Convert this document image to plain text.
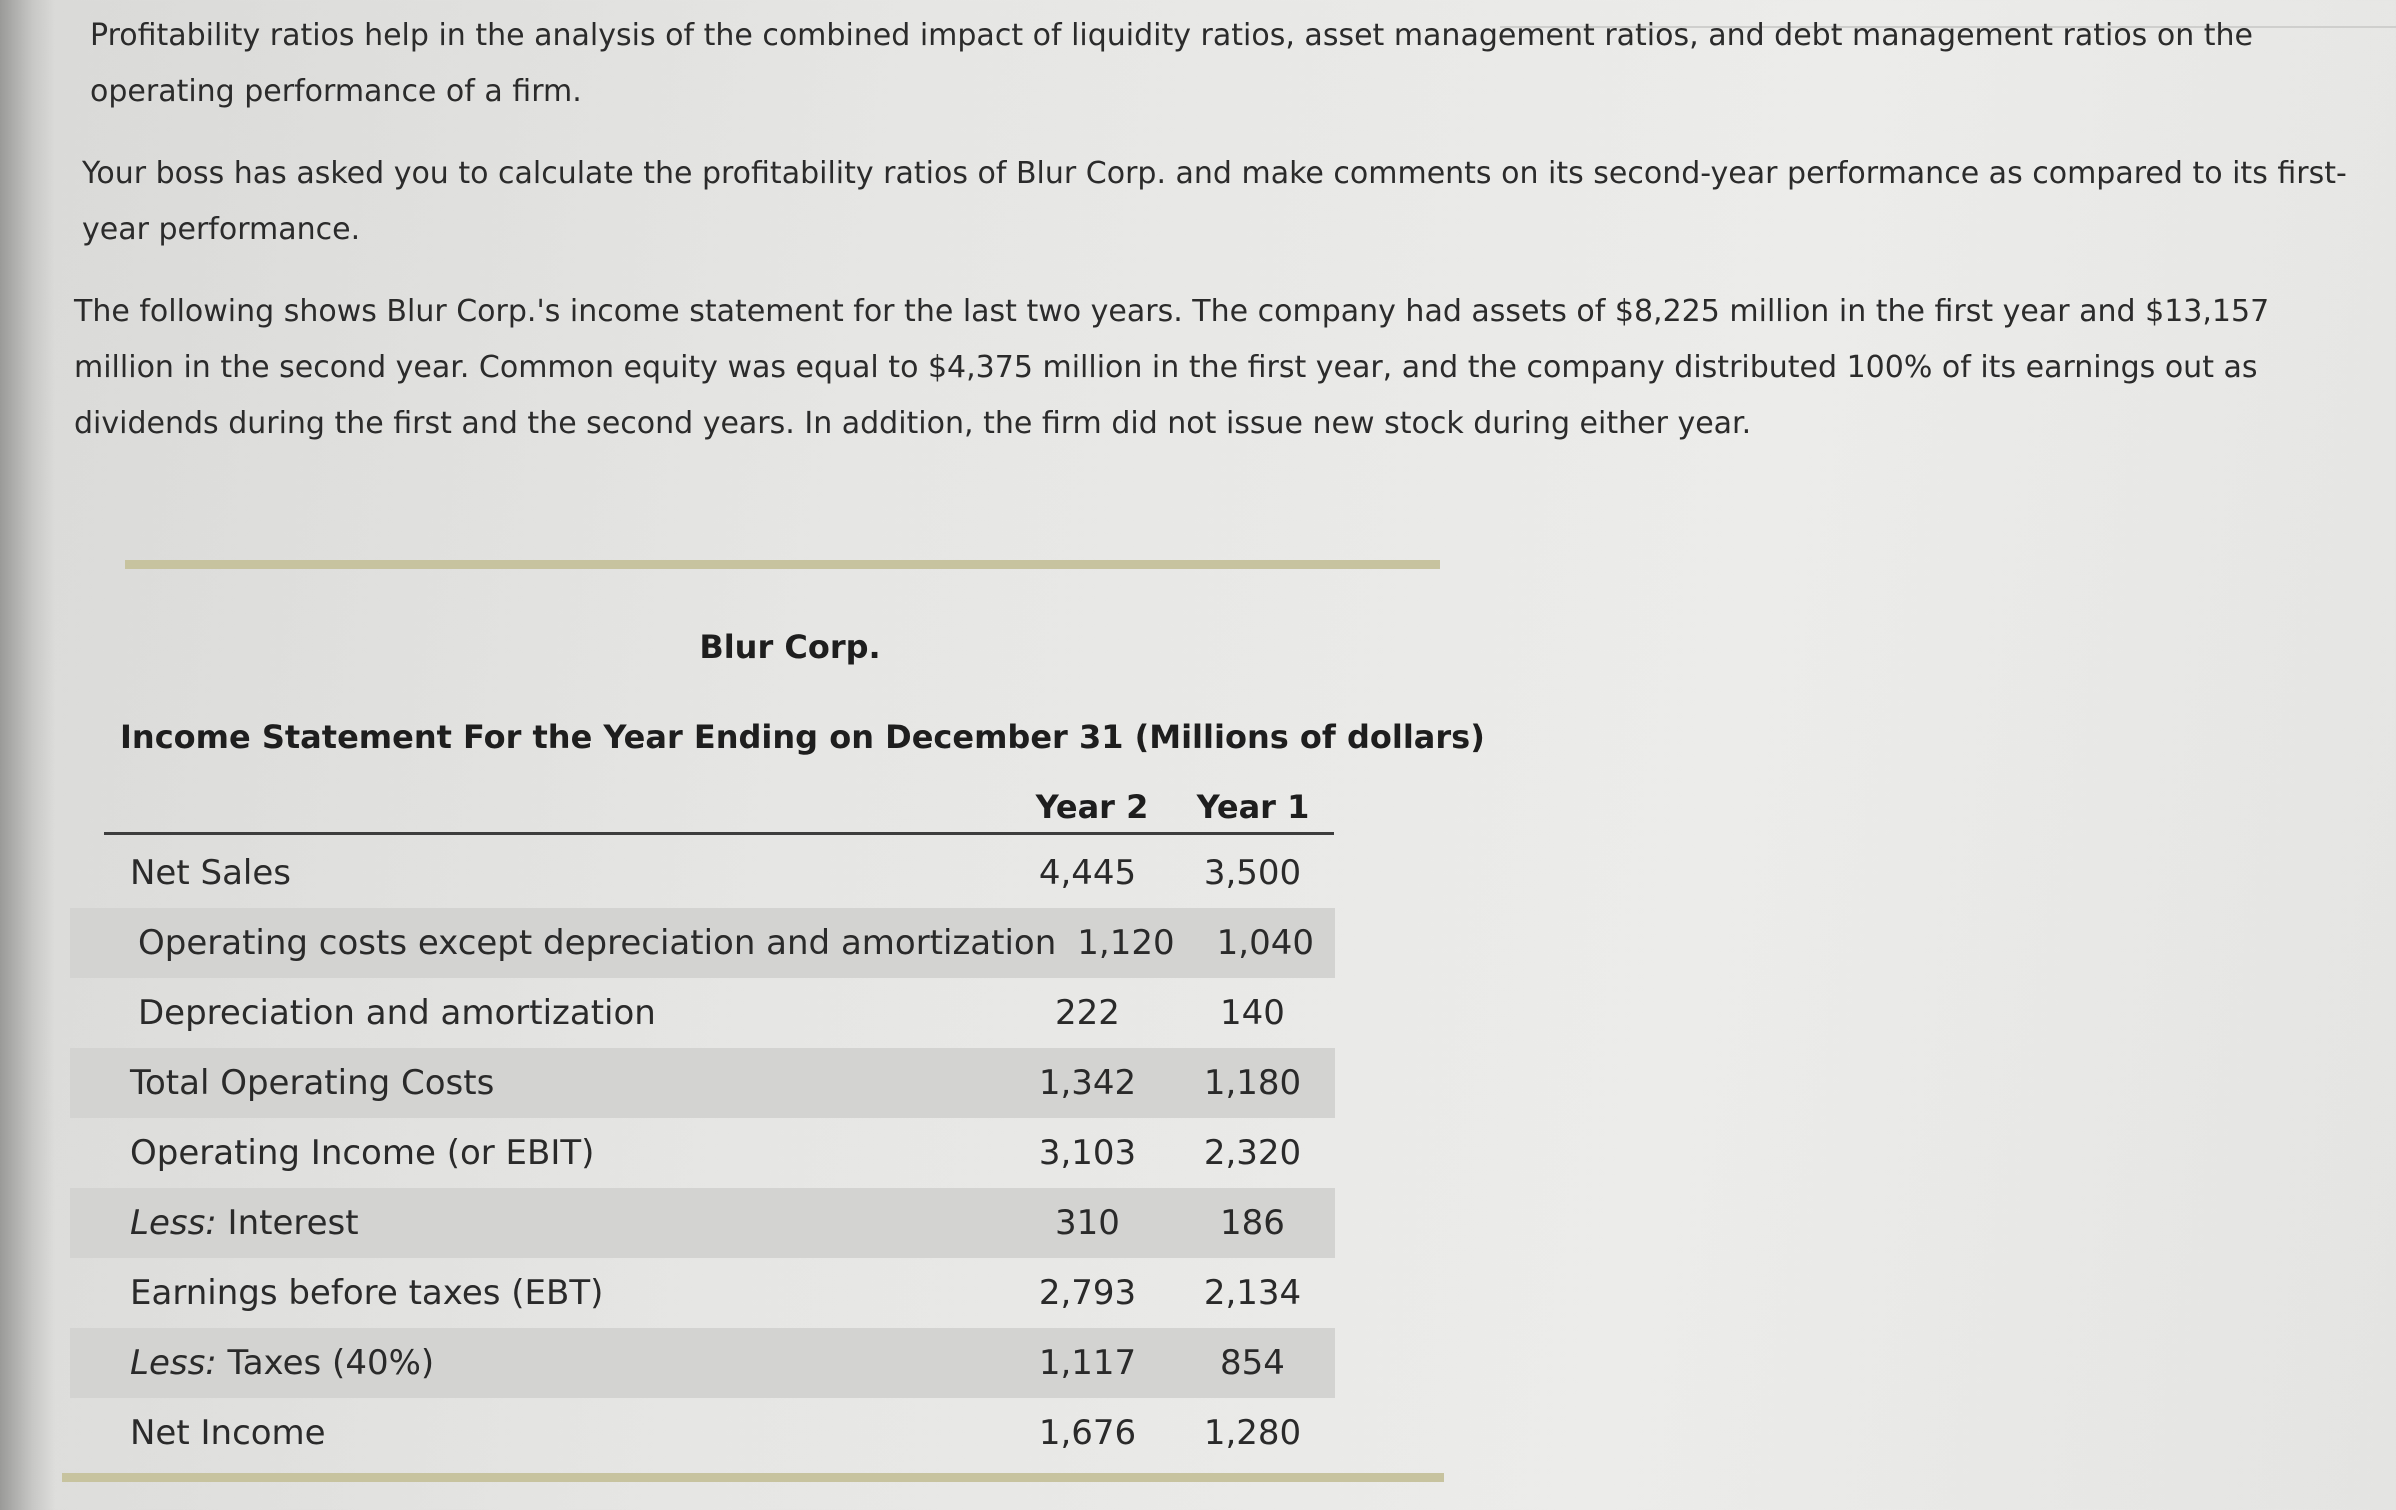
Profitability ratios help in the analysis of the combined impact of liquidity ratios, asset management ratios, and debt management ratios on the operating performance of a firm.

Your boss has asked you to calculate the profitability ratios of Blur Corp. and make comments on its second-year performance as compared to its first-year performance.

The following shows Blur Corp.'s income statement for the last two years. The company had assets of $8,225 million in the first year and $13,157 million in the second year. Common equity was equal to $4,375 million in the first year, and the company distributed 100% of its earnings out as dividends during the first and the second years. In addition, the firm did not issue new stock during either year.

Blur Corp.
Income Statement For the Year Ending on December 31 (Millions of dollars)
Year 2	Year 1
Net Sales	4,445	3,500
Operating costs except depreciation and amortization 1,120	1,040
Depreciation and amortization	222	140
Total Operating Costs	1,342	1,180
Operating Income (or EBIT)	3,103	2,320
Less: Interest	310	186
Earnings before taxes (EBT)	2,793	2,134
Less: Taxes (40%)	1,117	854
Net Income	1,676	1,280
